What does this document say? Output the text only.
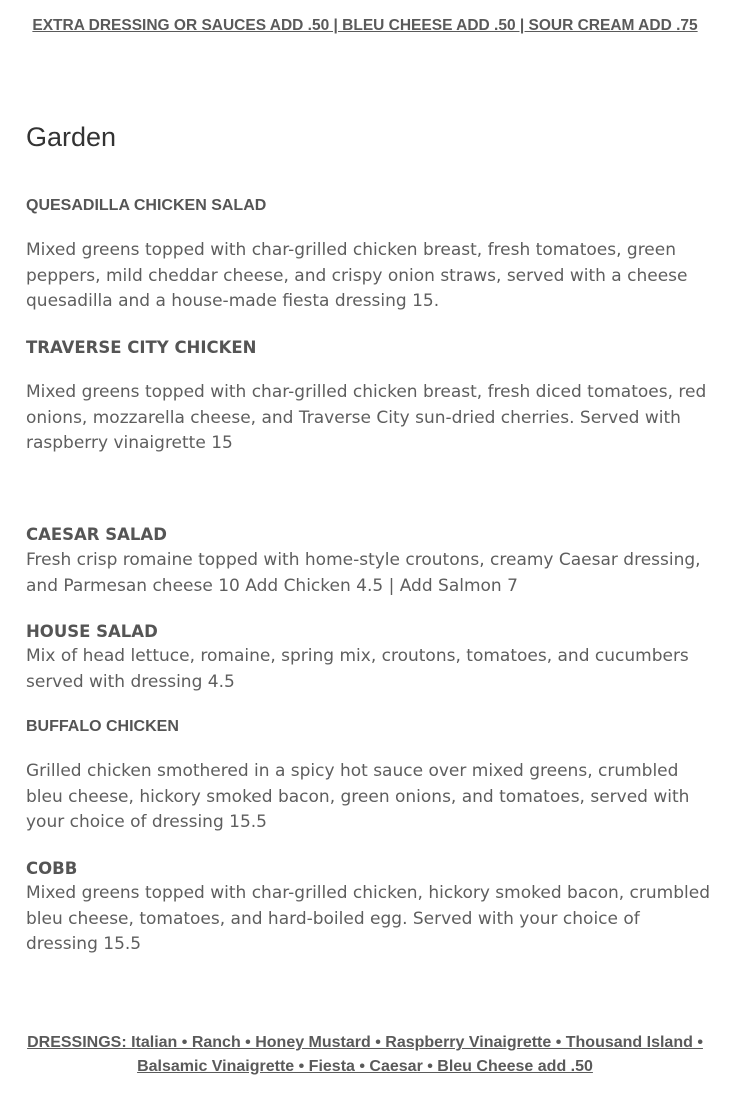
EXTRA DRESSING OR SAUCES ADD .50 | BLEU CHEESE ADD .50 | SOUR CREAM ADD .75
Garden
QUESADILLA CHICKEN SALAD

Mixed greens topped with char-grilled chicken breast, fresh tomatoes, green peppers, mild cheddar cheese, and crispy onion straws, served with a cheese quesadilla and a house-made fiesta dressing 15.

TRAVERSE CITY CHICKEN

Mixed greens topped with char-grilled chicken breast, fresh diced tomatoes, red onions, mozzarella cheese, and Traverse City sun-dried cherries. Served with raspberry vinaigrette 15

CAESAR SALAD

Fresh crisp romaine topped with home-style croutons, creamy Caesar dressing, and Parmesan cheese 10 Add Chicken 4.5 | Add Salmon 7

HOUSE SALAD

Mix of head lettuce, romaine, spring mix, croutons, tomatoes, and cucumbers served with dressing 4.5

BUFFALO CHICKEN

Grilled chicken smothered in a spicy hot sauce over mixed greens, crumbled bleu cheese, hickory smoked bacon, green onions, and tomatoes, served with your choice of dressing 15.5

COBB

Mixed greens topped with char-grilled chicken, hickory smoked bacon, crumbled bleu cheese, tomatoes, and hard-boiled egg. Served with your choice of dressing 15.5

DRESSINGS: Italian • Ranch • Honey Mustard • Raspberry Vinaigrette • Thousand Island • Balsamic Vinaigrette • Fiesta • Caesar • Bleu Cheese add .50
